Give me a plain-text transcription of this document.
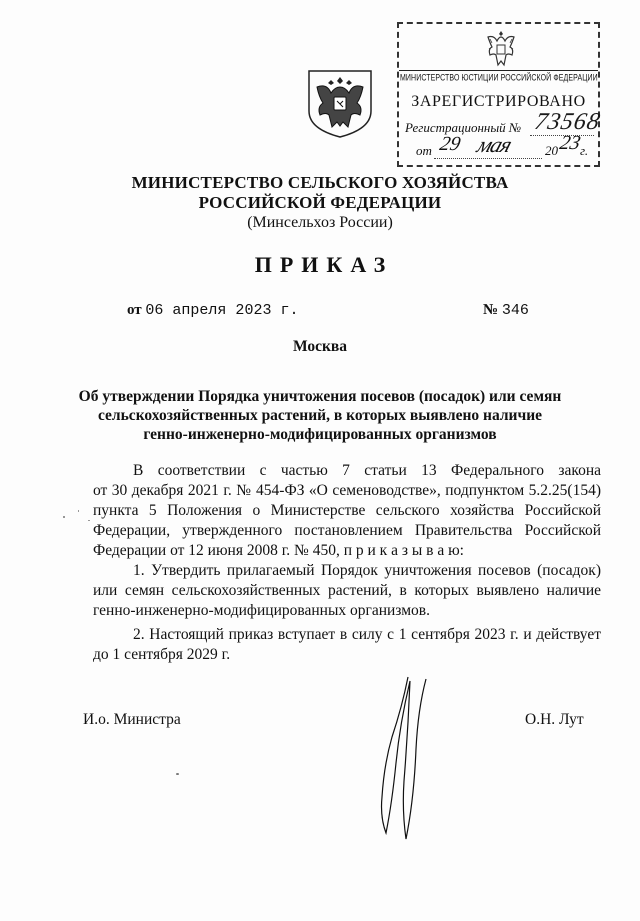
МИНИСТЕРСТВО ЮСТИЦИИ РОССИЙСКОЙ ФЕДЕРАЦИИ
ЗАРЕГИСТРИРОВАНО
Регистрационный № 73568
от 29 мая 20 23
г.
МИНИСТЕРСТВО СЕЛЬСКОГО ХОЗЯЙСТВА
РОССИЙСКОЙ ФЕДЕРАЦИИ
(Минсельхоз России)
ПРИКАЗ
от 06 апреля 2023 г.	№ 346
Москва
Об утверждении Порядка уничтожения посевов (посадок) или семян
сельскохозяйственных растений, в которых выявлено наличие
генно-инженерно-модифицированных организмов
В соответствии с частью 7 статьи 13 Федерального закона
от 30 декабря 2021 г. № 454-ФЗ «О семеноводстве», подпунктом 5.2.25(154)
пункта 5 Положения о Министерстве сельского хозяйства Российской
Федерации, утвержденного постановлением Правительства Российской
Федерации от 12 июня 2008 г. № 450, п р и к а з ы в а ю:
1. Утвердить прилагаемый Порядок уничтожения посевов (посадок)
или семян сельскохозяйственных растений, в которых выявлено наличие
генно-инженерно-модифицированных организмов.
2. Настоящий приказ вступает в силу с 1 сентября 2023 г. и действует
до 1 сентября 2029 г.
И.о. Министра	О.Н. Лут
